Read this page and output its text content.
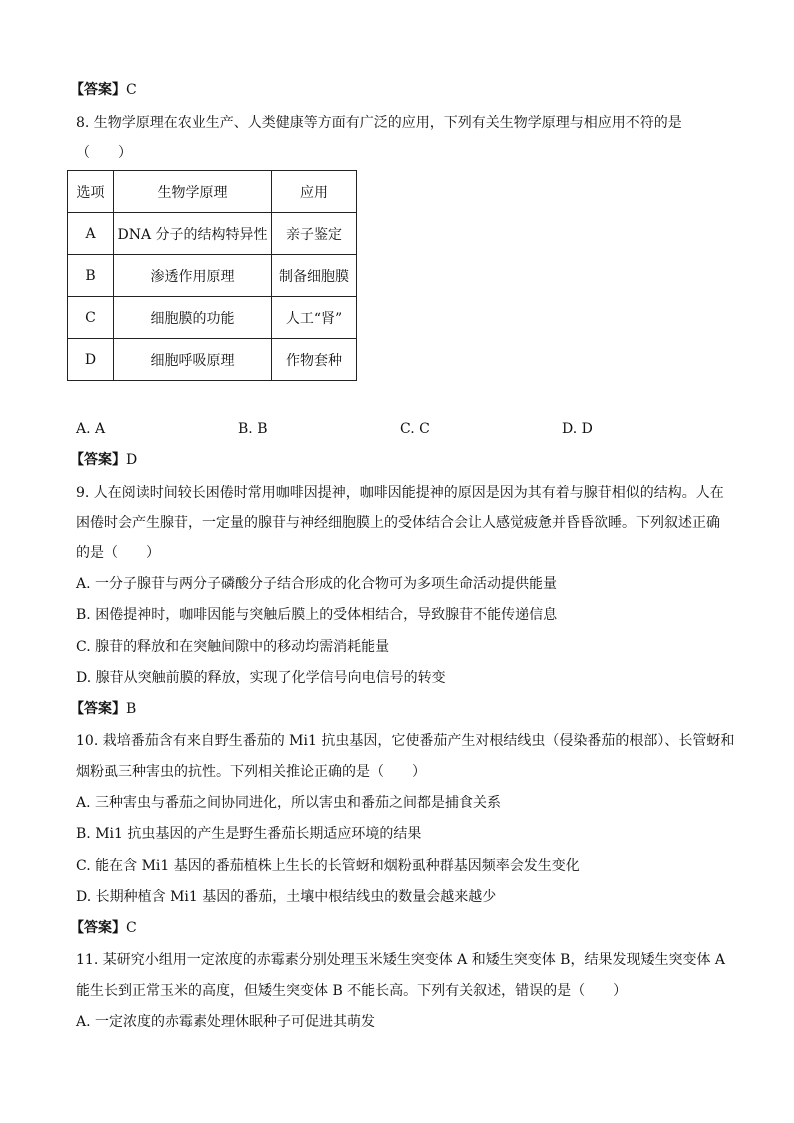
【答案】C
8. 生物学原理在农业生产、人类健康等方面有广泛的应用，下列有关生物学原理与相应用不符的是
（　　）
选项	生物学原理	应用
A	DNA 分子的结构特异性	亲子鉴定
B	渗透作用原理	制备细胞膜
C	细胞膜的功能	人工“肾”
D	细胞呼吸原理	作物套种
A. A	B. B	C. C	D. D
【答案】D
9. 人在阅读时间较长困倦时常用咖啡因提神，咖啡因能提神的原因是因为其有着与腺苷相似的结构。人在
困倦时会产生腺苷，一定量的腺苷与神经细胞膜上的受体结合会让人感觉疲惫并昏昏欲睡。下列叙述正确
的是（　　）
A. 一分子腺苷与两分子磷酸分子结合形成的化合物可为多项生命活动提供能量
B. 困倦提神时，咖啡因能与突触后膜上的受体相结合，导致腺苷不能传递信息
C. 腺苷的释放和在突触间隙中的移动均需消耗能量
D. 腺苷从突触前膜的释放，实现了化学信号向电信号的转变
【答案】B
10. 栽培番茄含有来自野生番茄的 Mi1 抗虫基因，它使番茄产生对根结线虫（侵染番茄的根部）、长管蚜和
烟粉虱三种害虫的抗性。下列相关推论正确的是（　　）
A. 三种害虫与番茄之间协同进化，所以害虫和番茄之间都是捕食关系
B. Mi1 抗虫基因的产生是野生番茄长期适应环境的结果
C. 能在含 Mi1 基因的番茄植株上生长的长管蚜和烟粉虱种群基因频率会发生变化
D. 长期种植含 Mi1 基因的番茄，土壤中根结线虫的数量会越来越少
【答案】C
11. 某研究小组用一定浓度的赤霉素分别处理玉米矮生突变体 A 和矮生突变体 B，结果发现矮生突变体 A
能生长到正常玉米的高度，但矮生突变体 B 不能长高。下列有关叙述，错误的是（　　）
A. 一定浓度的赤霉素处理休眠种子可促进其萌发
